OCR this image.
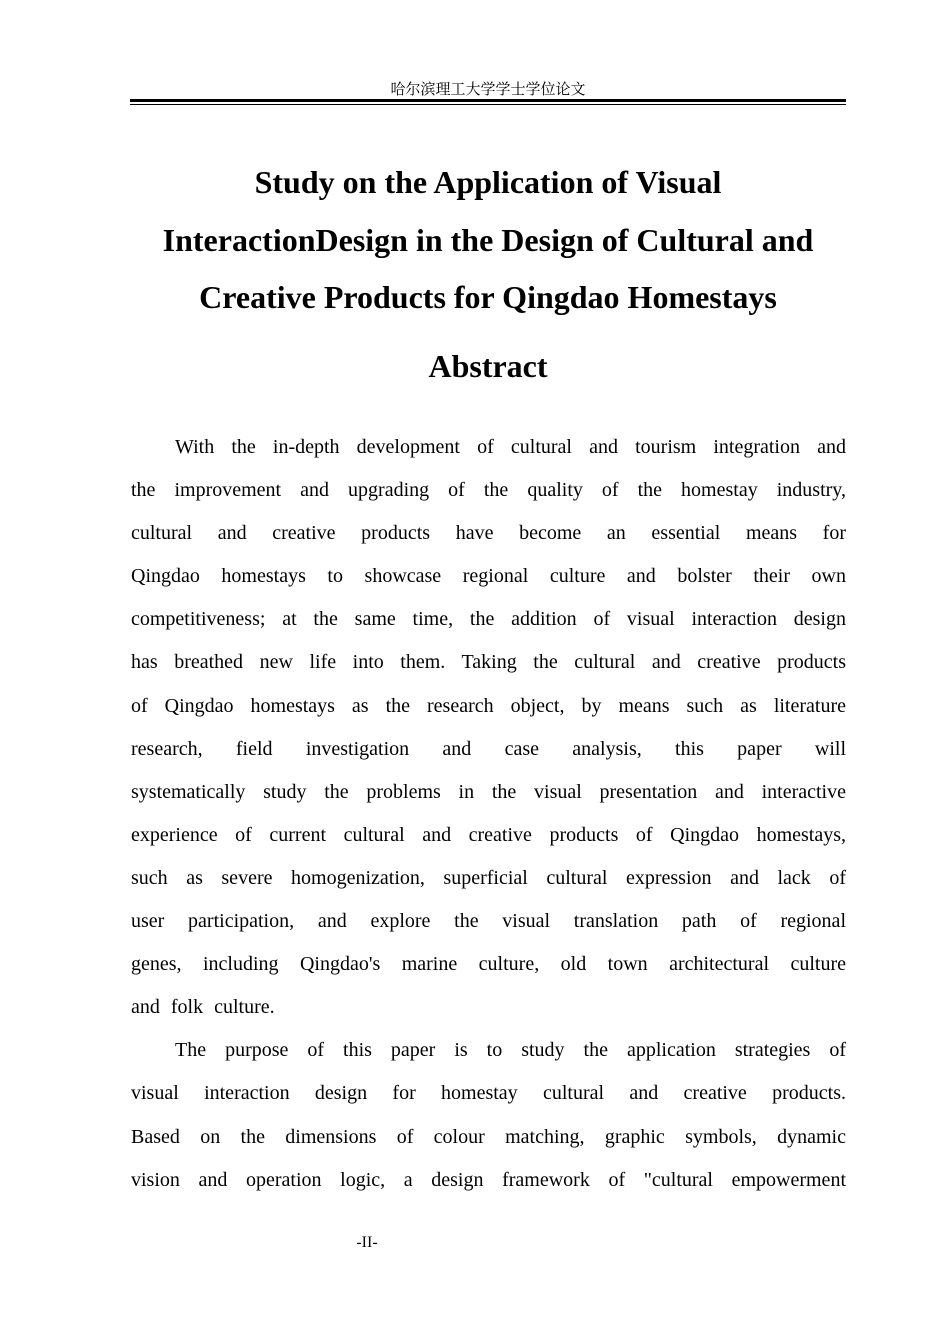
哈尔滨理工大学学士学位论文
Study on the Application of Visual
InteractionDesign in the Design of Cultural and
Creative Products for Qingdao Homestays
Abstract

With the in-depth development of cultural and tourism integration and
the improvement and upgrading of the quality of the homestay industry,
cultural and creative products have become an essential means for
Qingdao homestays to showcase regional culture and bolster their own
competitiveness; at the same time, the addition of visual interaction design
has breathed new life into them. Taking the cultural and creative products
of Qingdao homestays as the research object, by means such as literature
research, field investigation and case analysis, this paper will
systematically study the problems in the visual presentation and interactive
experience of current cultural and creative products of Qingdao homestays,
such as severe homogenization, superficial cultural expression and lack of
user participation, and explore the visual translation path of regional
genes, including Qingdao's marine culture, old town architectural culture
and folk culture.

The purpose of this paper is to study the application strategies of
visual interaction design for homestay cultural and creative products.
Based on the dimensions of colour matching, graphic symbols, dynamic
vision and operation logic, a design framework of "cultural empowerment

-II-
